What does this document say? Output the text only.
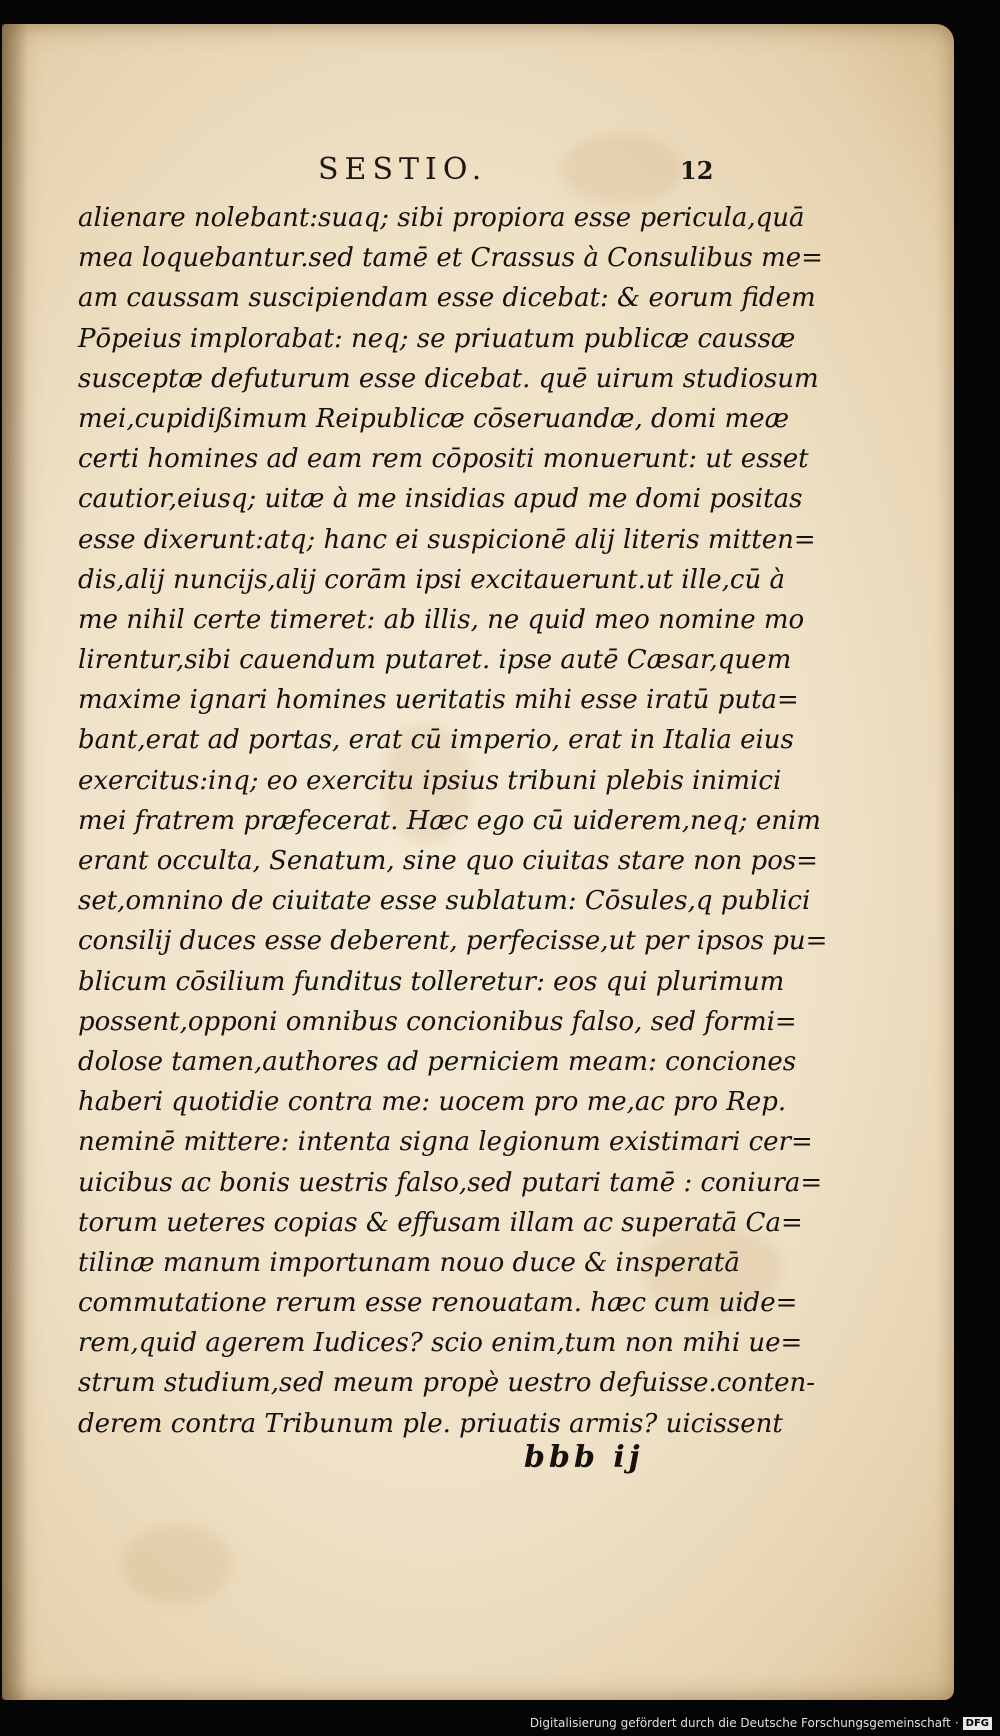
SESTIO.	12
alienare nolebant:suaq; sibi propiora esse pericula,quā
mea loquebantur.sed tamē et Crassus à Consulibus me=
am caussam suscipiendam esse dicebat: & eorum fidem
Pōpeius implorabat: neq; se priuatum publicæ caussæ
susceptæ defuturum esse dicebat. quē uirum studiosum
mei,cupidißimum Reipublicæ cōseruandæ, domi meæ
certi homines ad eam rem cōpositi monuerunt: ut esset
cautior,eiusq; uitæ à me insidias apud me domi positas
esse dixerunt:atq; hanc ei suspicionē alij literis mitten=
dis,alij nuncijs,alij corām ipsi excitauerunt.ut ille,cū à
me nihil certe timeret: ab illis, ne quid meo nomine mo
lirentur,sibi cauendum putaret. ipse autē Cæsar,quem
maxime ignari homines ueritatis mihi esse iratū puta=
bant,erat ad portas, erat cū imperio, erat in Italia eius
exercitus:inq; eo exercitu ipsius tribuni plebis inimici
mei fratrem præfecerat. Hæc ego cū uiderem,neq; enim
erant occulta, Senatum, sine quo ciuitas stare non pos=
set,omnino de ciuitate esse sublatum: Cōsules,q publici
consilij duces esse deberent, perfecisse,ut per ipsos pu=
blicum cōsilium funditus tolleretur: eos qui plurimum
possent,opponi omnibus concionibus falso, sed formi=
dolose tamen,authores ad perniciem meam: conciones
haberi quotidie contra me: uocem pro me,ac pro Rep.
neminē mittere: intenta signa legionum existimari cer=
uicibus ac bonis uestris falso,sed putari tamē : coniura=
torum ueteres copias & effusam illam ac superatā Ca=
tilinæ manum importunam nouo duce & insperatā
commutatione rerum esse renouatam. hæc cum uide=
rem,quid agerem Iudices? scio enim,tum non mihi ue=
strum studium,sed meum propè uestro defuisse.conten-
derem contra Tribunum ple. priuatis armis? uicissent
bbb ij
Digitalisierung gefördert durch die Deutsche Forschungsgemeinschaft · DFG
